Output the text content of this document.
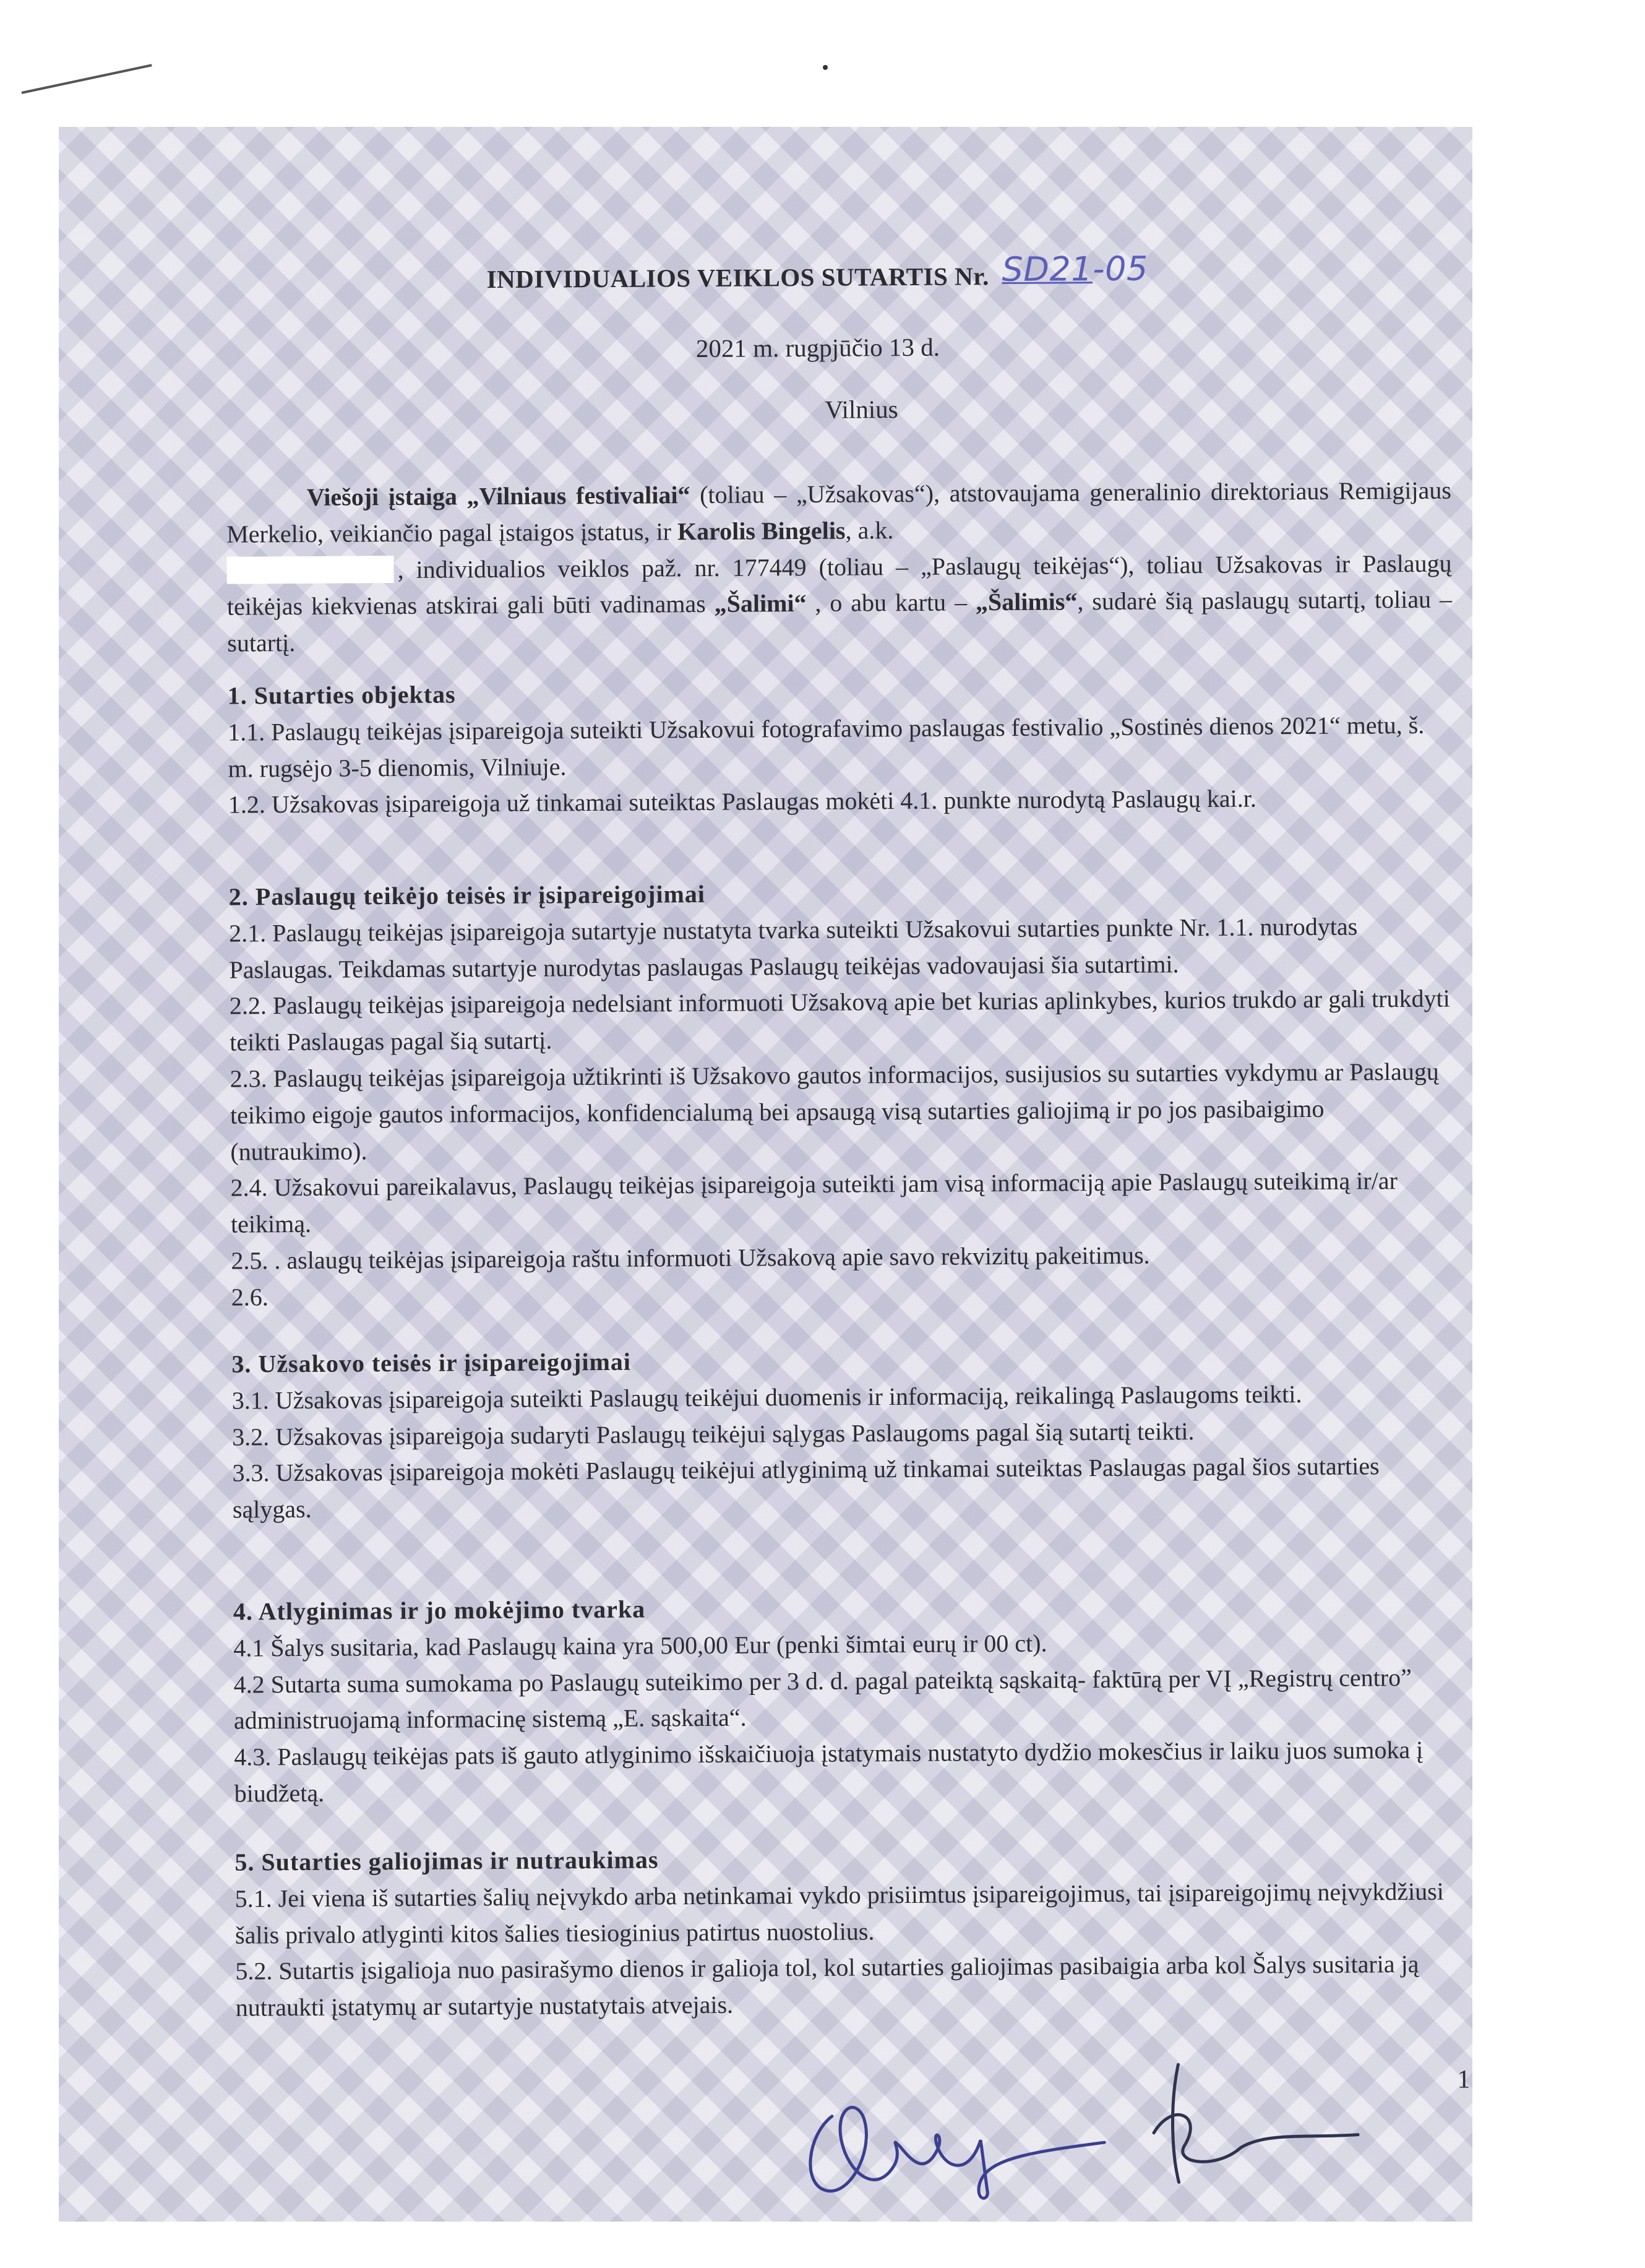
INDIVIDUALIOS VEIKLOS SUTARTIS Nr. SD21-05
2021 m. rugpjūčio 13 d.
Vilnius
Viešoji įstaiga „Vilniaus festivaliai“ (toliau – „Užsakovas“), atstovaujama generalinio direktoriaus Remigijaus Merkelio, veikiančio pagal įstaigos įstatus, ir Karolis Bingelis, a.k.
, individualios veiklos paž. nr. 177449 (toliau – „Paslaugų teikėjas“), toliau Užsakovas ir Paslaugų teikėjas kiekvienas atskirai gali būti vadinamas „Šalimi“ , o abu kartu – „Šalimis“, sudarė šią paslaugų sutartį, toliau – sutartį.
1. Sutarties objektas

1.1. Paslaugų teikėjas įsipareigoja suteikti Užsakovui fotografavimo paslaugas festivalio „Sostinės dienos 2021“ metu, š. m. rugsėjo 3-5 dienomis, Vilniuje.

1.2. Užsakovas įsipareigoja už tinkamai suteiktas Paslaugas mokėti 4.1. punkte nurodytą Paslaugų kai.r.

2. Paslaugų teikėjo teisės ir įsipareigojimai

2.1. Paslaugų teikėjas įsipareigoja sutartyje nustatyta tvarka suteikti Užsakovui sutarties punkte Nr. 1.1. nurodytas Paslaugas. Teikdamas sutartyje nurodytas paslaugas Paslaugų teikėjas vadovaujasi šia sutartimi.

2.2. Paslaugų teikėjas įsipareigoja nedelsiant informuoti Užsakovą apie bet kurias aplinkybes, kurios trukdo ar gali trukdyti teikti Paslaugas pagal šią sutartį.

2.3. Paslaugų teikėjas įsipareigoja užtikrinti iš Užsakovo gautos informacijos, susijusios su sutarties vykdymu ar Paslaugų teikimo eigoje gautos informacijos, konfidencialumą bei apsaugą visą sutarties galiojimą ir po jos pasibaigimo (nutraukimo).

2.4. Užsakovui pareikalavus, Paslaugų teikėjas įsipareigoja suteikti jam visą informaciją apie Paslaugų suteikimą ir/ar teikimą.

2.5. . aslaugų teikėjas įsipareigoja raštu informuoti Užsakovą apie savo rekvizitų pakeitimus.

2.6.

3. Užsakovo teisės ir įsipareigojimai

3.1. Užsakovas įsipareigoja suteikti Paslaugų teikėjui duomenis ir informaciją, reikalingą Paslaugoms teikti.

3.2. Užsakovas įsipareigoja sudaryti Paslaugų teikėjui sąlygas Paslaugoms pagal šią sutartį teikti.

3.3. Užsakovas įsipareigoja mokėti Paslaugų teikėjui atlyginimą už tinkamai suteiktas Paslaugas pagal šios sutarties sąlygas.

4. Atlyginimas ir jo mokėjimo tvarka

4.1 Šalys susitaria, kad Paslaugų kaina yra 500,00 Eur (penki šimtai eurų ir 00 ct).

4.2 Sutarta suma sumokama po Paslaugų suteikimo per 3 d. d. pagal pateiktą sąskaitą- faktūrą per VĮ „Registrų centro” administruojamą informacinę sistemą „E. sąskaita“.

4.3. Paslaugų teikėjas pats iš gauto atlyginimo išskaičiuoja įstatymais nustatyto dydžio mokesčius ir laiku juos sumoka į biudžetą.

5. Sutarties galiojimas ir nutraukimas

5.1. Jei viena iš sutarties šalių neįvykdo arba netinkamai vykdo prisiimtus įsipareigojimus, tai įsipareigojimų neįvykdžiusi šalis privalo atlyginti kitos šalies tiesioginius patirtus nuostolius.

5.2. Sutartis įsigalioja nuo pasirašymo dienos ir galioja tol, kol sutarties galiojimas pasibaigia arba kol Šalys susitaria ją nutraukti įstatymų ar sutartyje nustatytais atvejais.

1
